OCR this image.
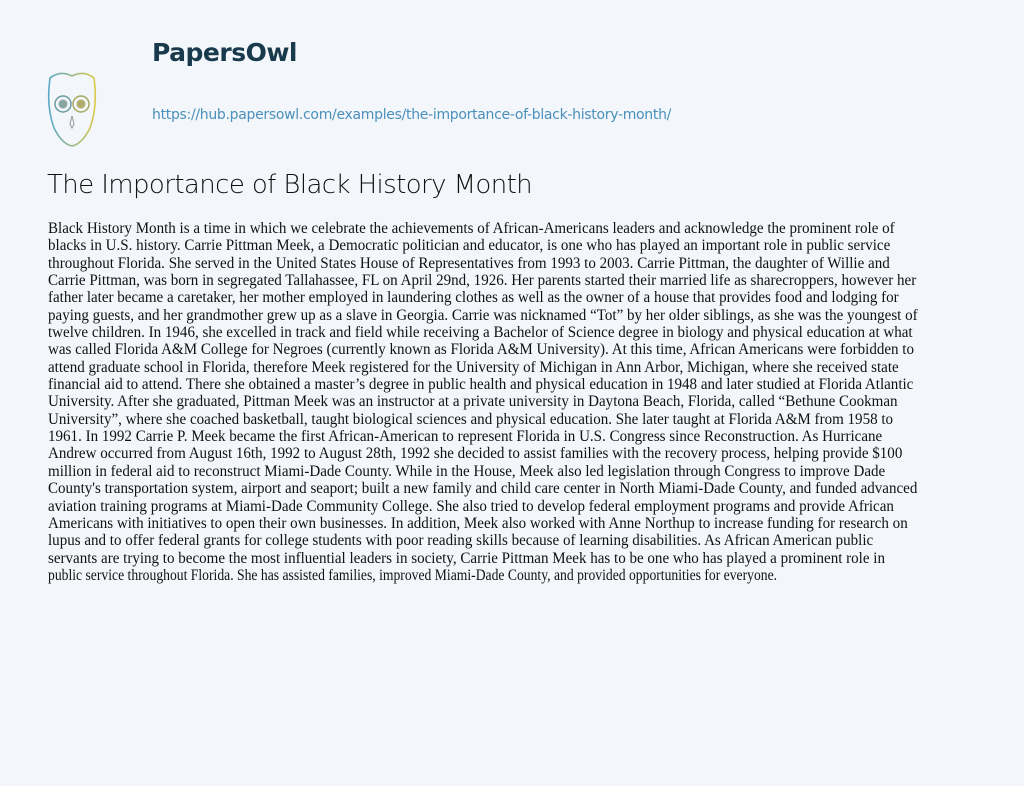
PapersOwl
https://hub.papersowl.com/examples/the-importance-of-black-history-month/
The Importance of Black History Month
Black History Month is a time in which we celebrate the achievements of African-Americans leaders and acknowledge the prominent role of
blacks in U.S. history. Carrie Pittman Meek, a Democratic politician and educator, is one who has played an important role in public service
throughout Florida. She served in the United States House of Representatives from 1993 to 2003. Carrie Pittman, the daughter of Willie and
Carrie Pittman, was born in segregated Tallahassee, FL on April 29nd, 1926. Her parents started their married life as sharecroppers, however her
father later became a caretaker, her mother employed in laundering clothes as well as the owner of a house that provides food and lodging for
paying guests, and her grandmother grew up as a slave in Georgia. Carrie was nicknamed “Tot” by her older siblings, as she was the youngest of
twelve children. In 1946, she excelled in track and field while receiving a Bachelor of Science degree in biology and physical education at what
was called Florida A&M College for Negroes (currently known as Florida A&M University). At this time, African Americans were forbidden to
attend graduate school in Florida, therefore Meek registered for the University of Michigan in Ann Arbor, Michigan, where she received state
financial aid to attend. There she obtained a master’s degree in public health and physical education in 1948 and later studied at Florida Atlantic
University. After she graduated, Pittman Meek was an instructor at a private university in Daytona Beach, Florida, called “Bethune Cookman
University”, where she coached basketball, taught biological sciences and physical education. She later taught at Florida A&M from 1958 to
1961. In 1992 Carrie P. Meek became the first African-American to represent Florida in U.S. Congress since Reconstruction. As Hurricane
Andrew occurred from August 16th, 1992 to August 28th, 1992 she decided to assist families with the recovery process, helping provide $100
million in federal aid to reconstruct Miami-Dade County. While in the House, Meek also led legislation through Congress to improve Dade
County's transportation system, airport and seaport; built a new family and child care center in North Miami-Dade County, and funded advanced
aviation training programs at Miami-Dade Community College. She also tried to develop federal employment programs and provide African
Americans with initiatives to open their own businesses. In addition, Meek also worked with Anne Northup to increase funding for research on
lupus and to offer federal grants for college students with poor reading skills because of learning disabilities. As African American public
servants are trying to become the most influential leaders in society, Carrie Pittman Meek has to be one who has played a prominent role in
public service throughout Florida. She has assisted families, improved Miami-Dade County, and provided opportunities for everyone.
